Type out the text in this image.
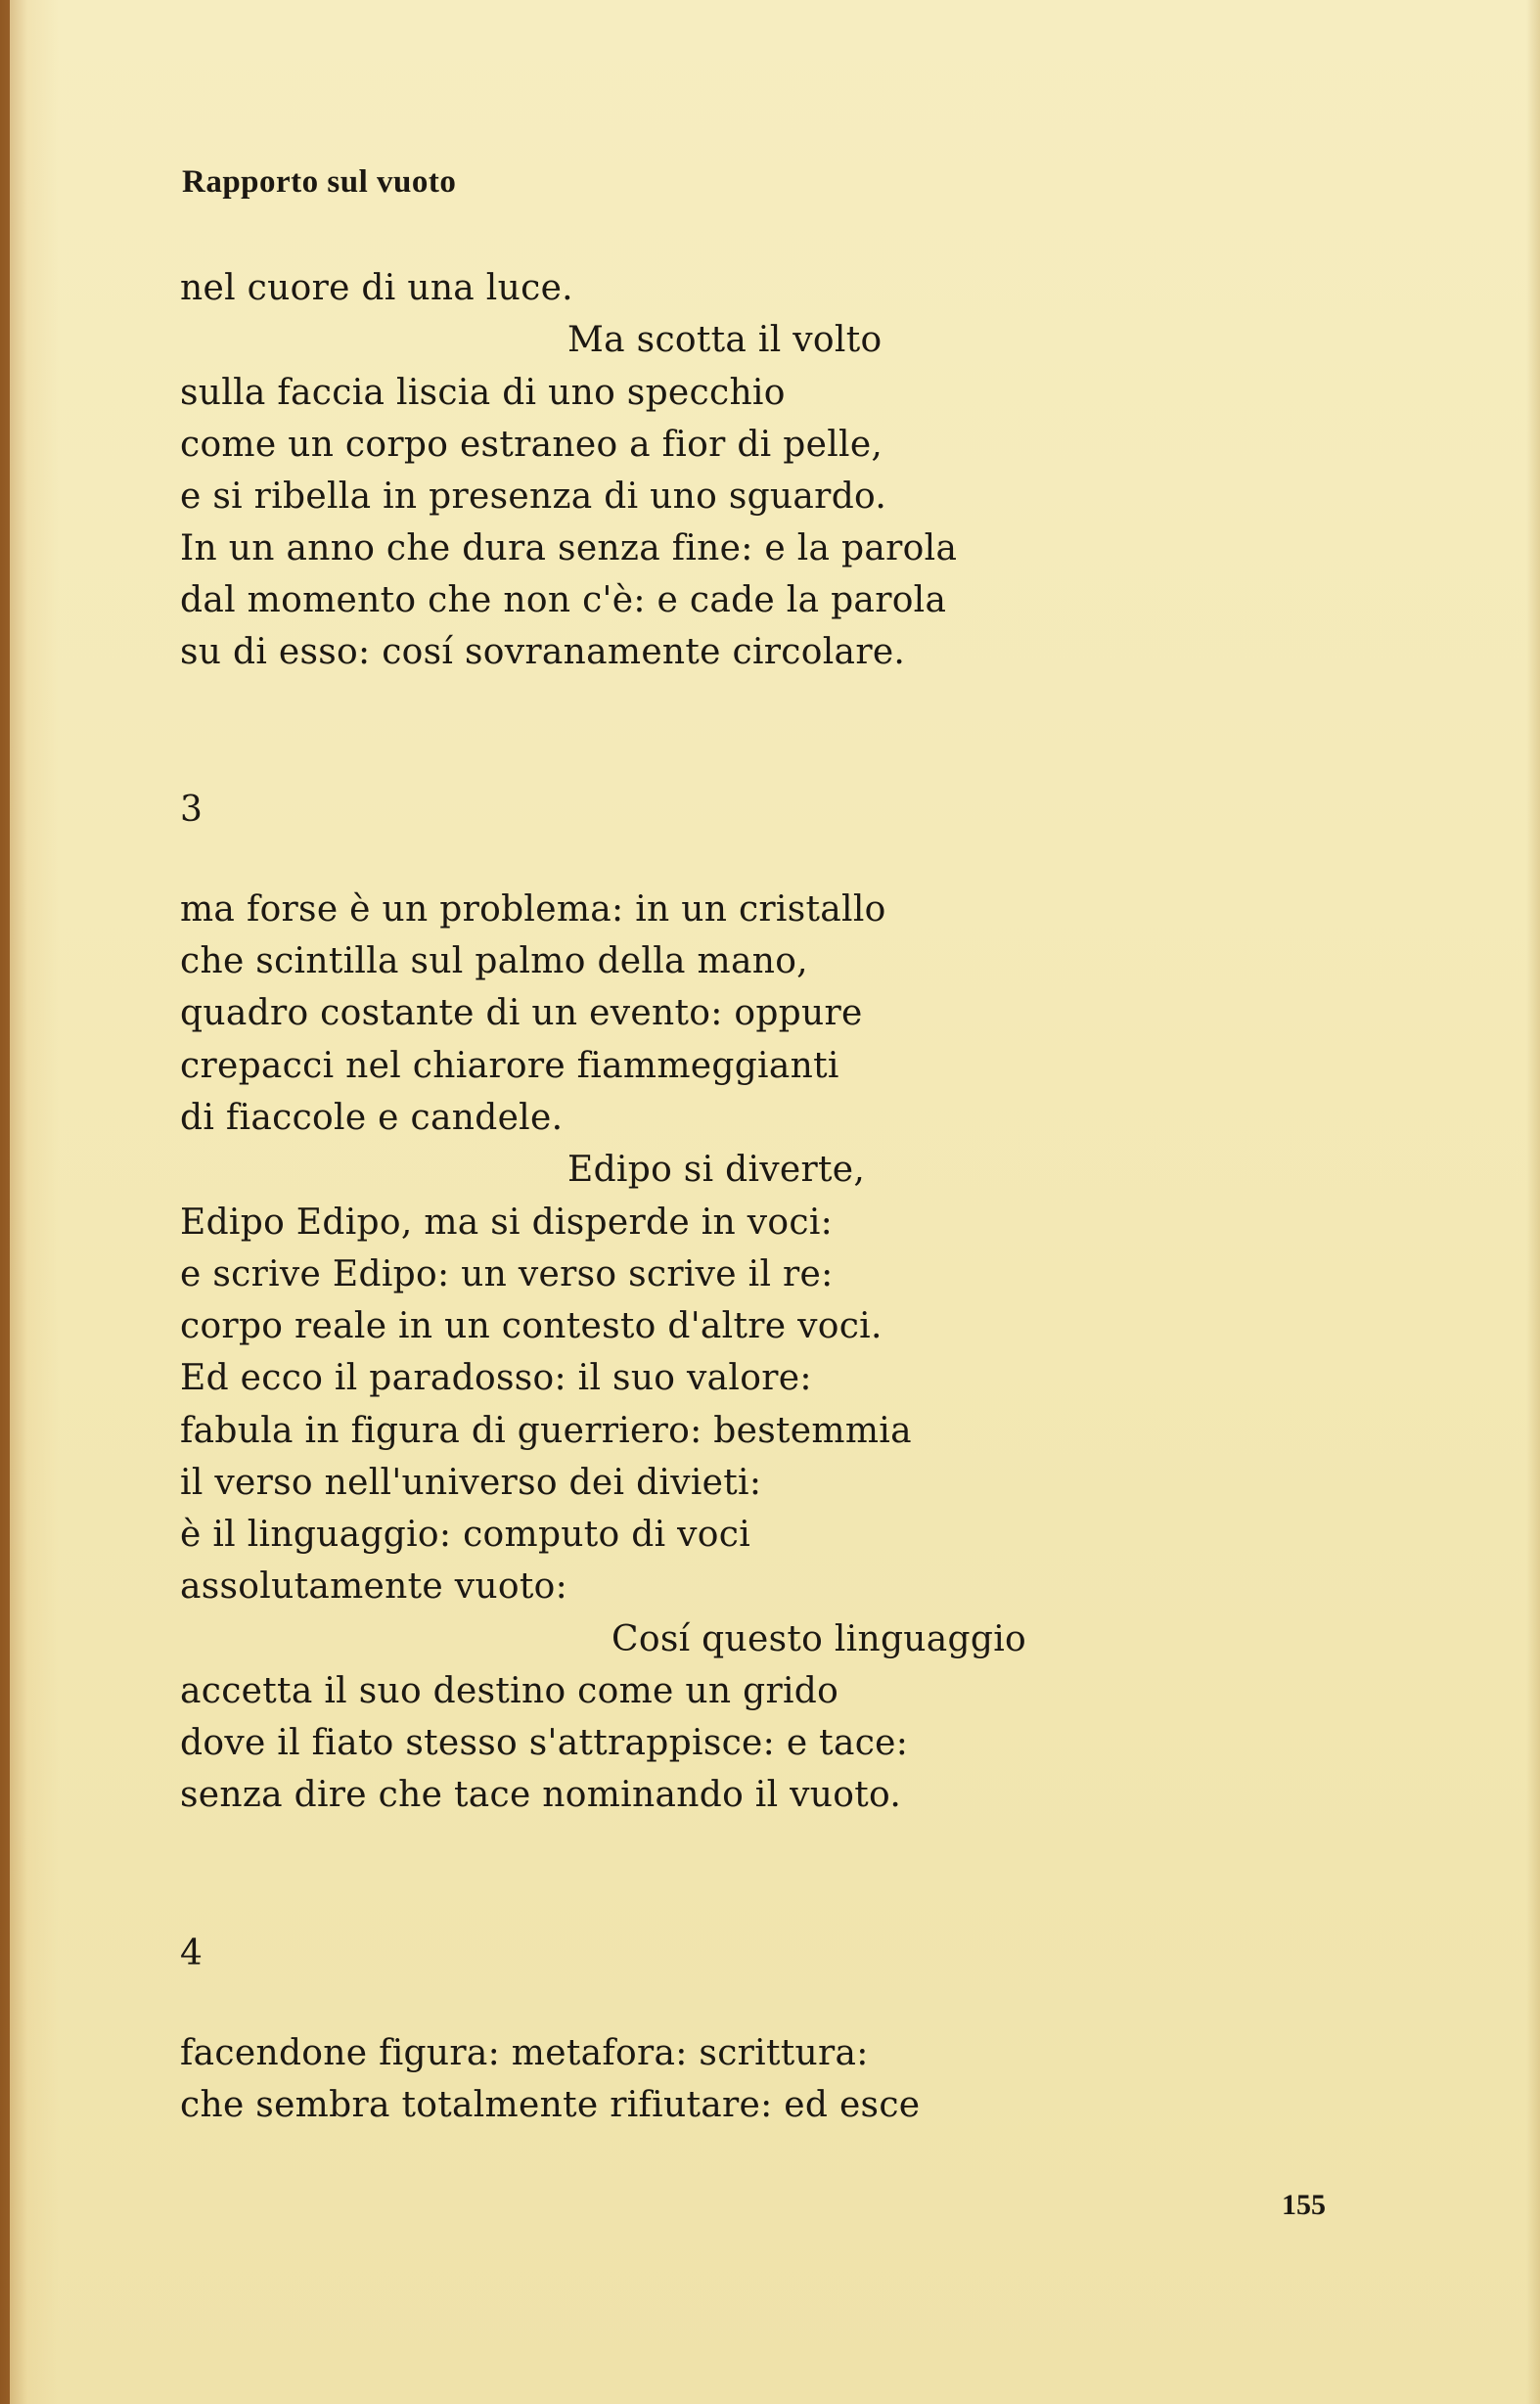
Rapporto sul vuoto
nel cuore di una luce.
Ma scotta il volto
sulla faccia liscia di uno specchio
come un corpo estraneo a fior di pelle,
e si ribella in presenza di uno sguardo.
In un anno che dura senza fine: e la parola
dal momento che non c'è: e cade la parola
su di esso: cosí sovranamente circolare.
3
ma forse è un problema: in un cristallo
che scintilla sul palmo della mano,
quadro costante di un evento: oppure
crepacci nel chiarore fiammeggianti
di fiaccole e candele.
Edipo si diverte,
Edipo Edipo, ma si disperde in voci:
e scrive Edipo: un verso scrive il re:
corpo reale in un contesto d'altre voci.
Ed ecco il paradosso: il suo valore:
fabula in figura di guerriero: bestemmia
il verso nell'universo dei divieti:
è il linguaggio: computo di voci
assolutamente vuoto:
Cosí questo linguaggio
accetta il suo destino come un grido
dove il fiato stesso s'attrappisce: e tace:
senza dire che tace nominando il vuoto.
4
facendone figura: metafora: scrittura:
che sembra totalmente rifiutare: ed esce
155
